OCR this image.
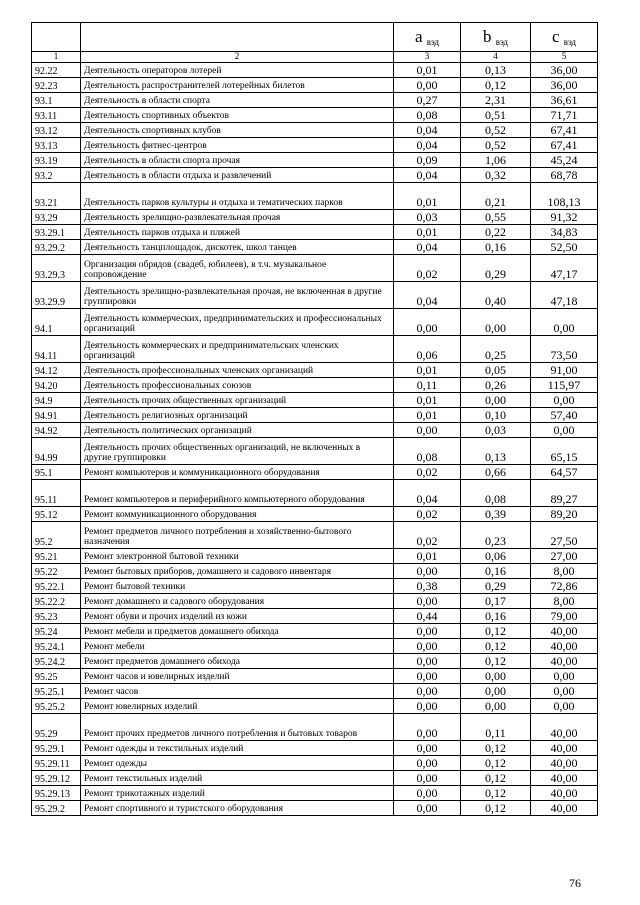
		a $_{вэд}$	b $_{вэд}$	c $_{вэд}$
1	2	3	4	5
92.22	Деятельность операторов лотерей	0,01	0,13	36,00
92.23	Деятельность распространителей лотерейных билетов	0,00	0,12	36,00
93.1	Деятельность в области спорта	0,27	2,31	36,61
93.11	Деятельность спортивных объектов	0,08	0,51	71,71
93.12	Деятельность спортивных клубов	0,04	0,52	67,41
93.13	Деятельность фитнес-центров	0,04	0,52	67,41
93.19	Деятельность в области спорта прочая	0,09	1,06	45,24
93.2	Деятельность в области отдыха и развлечений	0,04	0,32	68,78
93.21	Деятельность парков культуры и отдыха и тематических парков	0,01	0,21	108,13
93.29	Деятельность зрелищно-развлекательная прочая	0,03	0,55	91,32
93.29.1	Деятельность парков отдыха и пляжей	0,01	0,22	34,83
93.29.2	Деятельность танцплощадок, дискотек, школ танцев	0,04	0,16	52,50
93.29.3	Организация обрядов (свадеб, юбилеев), в т.ч. музыкальное сопровождение	0,02	0,29	47,17
93.29.9	Деятельность зрелищно-развлекательная прочая, не включенная в другие группировки	0,04	0,40	47,18
94.1	Деятельность коммерческих, предпринимательских и профессиональных организаций	0,00	0,00	0,00
94.11	Деятельность коммерческих и предпринимательских членских организаций	0,06	0,25	73,50
94.12	Деятельность профессиональных членских организаций	0,01	0,05	91,00
94.20	Деятельность профессиональных союзов	0,11	0,26	115,97
94.9	Деятельность прочих общественных организаций	0,01	0,00	0,00
94.91	Деятельность религиозных организаций	0,01	0,10	57,40
94.92	Деятельность политических организаций	0,00	0,03	0,00
94.99	Деятельность прочих общественных организаций, не включенных в другие группировки	0,08	0,13	65,15
95.1	Ремонт компьютеров и коммуникационного оборудования	0,02	0,66	64,57
95.11	Ремонт компьютеров и периферийного компьютерного оборудования	0,04	0,08	89,27
95.12	Ремонт коммуникационного оборудования	0,02	0,39	89,20
95.2	Ремонт предметов личного потребления и хозяйственно-бытового назначения	0,02	0,23	27,50
95.21	Ремонт электронной бытовой техники	0,01	0,06	27,00
95.22	Ремонт бытовых приборов, домашнего и садового инвентаря	0,00	0,16	8,00
95.22.1	Ремонт бытовой техники	0,38	0,29	72,86
95.22.2	Ремонт домашнего и садового оборудования	0,00	0,17	8,00
95.23	Ремонт обуви и прочих изделий из кожи	0,44	0,16	79,00
95.24	Ремонт мебели и предметов домашнего обихода	0,00	0,12	40,00
95.24.1	Ремонт мебели	0,00	0,12	40,00
95.24.2	Ремонт предметов домашнего обихода	0,00	0,12	40,00
95.25	Ремонт часов и ювелирных изделий	0,00	0,00	0,00
95.25.1	Ремонт часов	0,00	0,00	0,00
95.25.2	Ремонт ювелирных изделий	0,00	0,00	0,00
95.29	Ремонт прочих предметов личного потребления и бытовых товаров	0,00	0,11	40,00
95.29.1	Ремонт одежды и текстильных изделий	0,00	0,12	40,00
95.29.11	Ремонт одежды	0,00	0,12	40,00
95.29.12	Ремонт текстильных изделий	0,00	0,12	40,00
95.29.13	Ремонт трикотажных изделий	0,00	0,12	40,00
95.29.2	Ремонт спортивного и туристского оборудования	0,00	0,12	40,00
76
